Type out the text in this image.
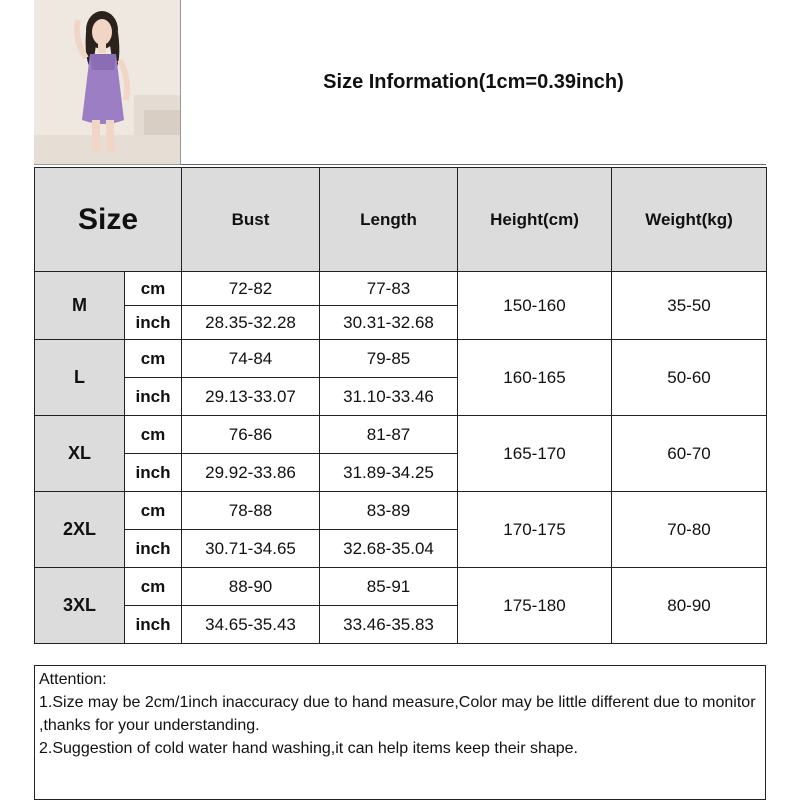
Size Information(1cm=0.39inch)
Size		Bust	Length	Height(cm)	Weight(kg)
M	cm	72-82	77-83	150-160	35-50
	inch	28.35-32.28	30.31-32.68		
L	cm	74-84	79-85	160-165	50-60
	inch	29.13-33.07	31.10-33.46		
XL	cm	76-86	81-87	165-170	60-70
	inch	29.92-33.86	31.89-34.25		
2XL	cm	78-88	83-89	170-175	70-80
	inch	30.71-34.65	32.68-35.04		
3XL	cm	88-90	85-91	175-180	80-90
	inch	34.65-35.43	33.46-35.83		

Attention:

1.Size may be 2cm/1inch inaccuracy due to hand measure,Color may be little different due to monitor ,thanks for your understanding.

2.Suggestion of cold water hand washing,it can help items keep their shape.
